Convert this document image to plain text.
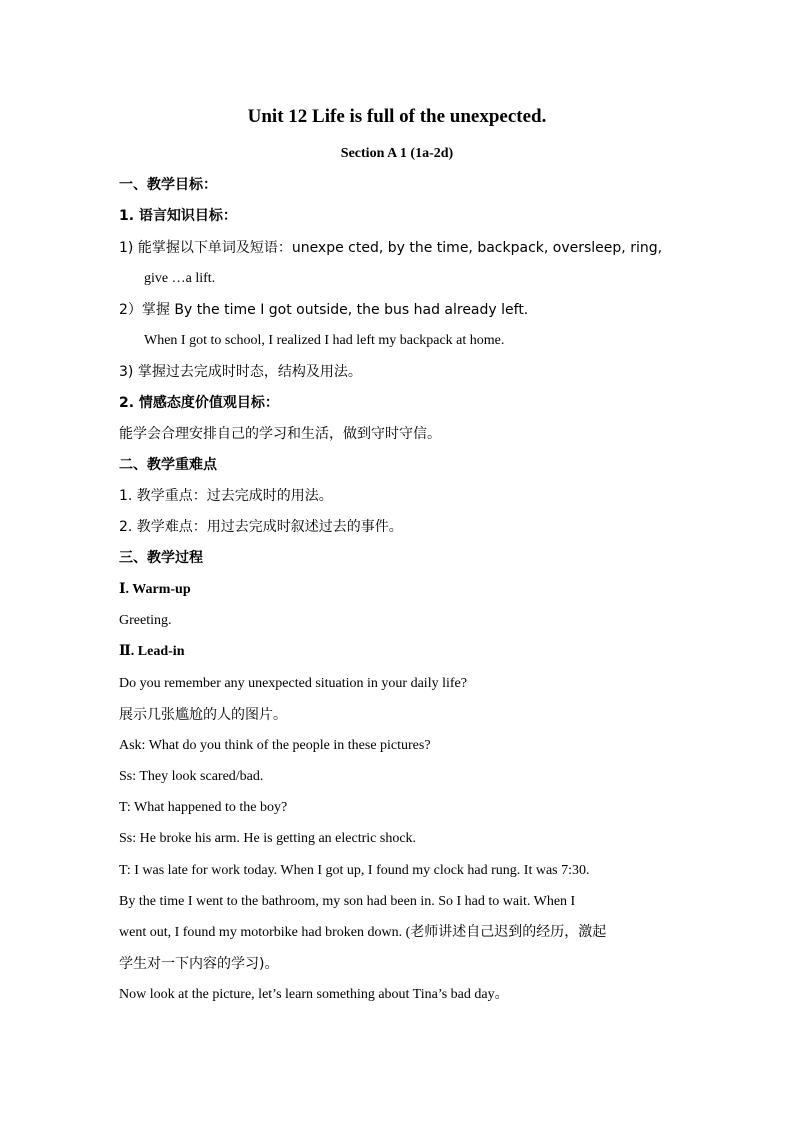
Unit 12 Life is full of the unexpected.
Section A 1 (1a-2d)
一、教学目标：
1. 语言知识目标：
1) 能掌握以下单词及短语：unexpe cted, by the time, backpack, oversleep, ring,
give …a lift.
2）掌握 By the time I got outside, the bus had already left.
When I got to school, I realized I had left my backpack at home.
3) 掌握过去完成时时态，结构及用法。
2. 情感态度价值观目标：
能学会合理安排自己的学习和生活，做到守时守信。
二、教学重难点
1. 教学重点：过去完成时的用法。
2. 教学难点：用过去完成时叙述过去的事件。
三、教学过程
Ⅰ. Warm-up
Greeting.
Ⅱ. Lead-in
Do you remember any unexpected situation in your daily life?
展示几张尴尬的人的图片。
Ask: What do you think of the people in these pictures?
Ss: They look scared/bad.
T: What happened to the boy?
Ss: He broke his arm. He is getting an electric shock.
T: I was late for work today. When I got up, I found my clock had rung. It was 7:30.
By the time I went to the bathroom, my son had been in. So I had to wait. When I
went out, I found my motorbike had broken down. (老师讲述自己迟到的经历，激起
学生对一下内容的学习)。
Now look at the picture, let’s learn something about Tina’s bad day。
